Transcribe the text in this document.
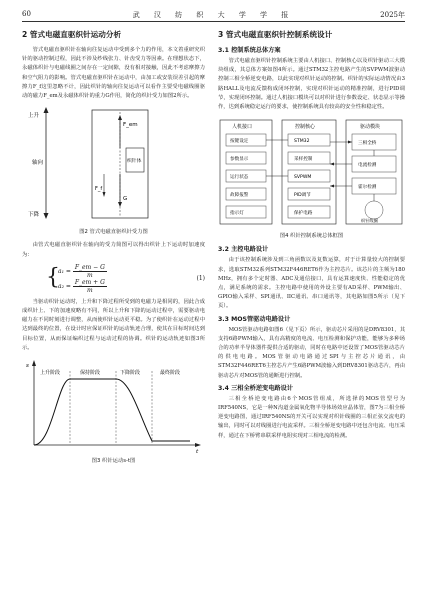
60	武 汉 纺 织 大 学 学 报	2025年
2 管式电磁直驱织针运动分析

管式电磁直驱织针在轴向往复运动中受到多个力的作用，本文着重研究织针的驱动控制过程，因此不涉及纱线张力、针齿受力等因素。在理想状态下，永磁体织针与电磁线圈之间存在一定间隙，没有相对接触，因此不考虑摩擦力和空气阻力的影响。管式电磁直驱织针在运动中，由加工或安装误差引起的摩擦力F_f这里忽略不计，因此织针的轴向往复运动可以看作主要受电磁线圈驱动的磁力F_em及永磁体织针的重力G作用，简化的织针受力如图2所示。

上升
轴向
下降
F_em
织针体
G
F_f
图2 管式电磁直驱织针受力图

由管式电磁直驱织针在轴向的受力简图可以得出织针上下运动时加速度为：

{
$a_1 = \frac{F\_em - G}{m}$
$a_2 = \frac{F\_em + G}{m}$
(1)

当驱动织针运动时，上升和下降过程所受到的电磁力是相同的，因此合成成织针上、下的加速度略有不同，所以上升和下降的运动过程中，需要驱动电磁力在不同时刻进行调整，从而使织针运动更平稳。为了使织针在运动过程中达到最终的位置，在设计时应保证织针的运动轨迹合理，使其在目标时间达到目标位置，从而保证编织过程与运动过程的协调。织针的运动轨迹如图3所示。

t
s
上升阶段	保持阶段	下降阶段	最终阶段
图3 织针运动s-t图
3 管式电磁直驱织针控制系统设计
3.1 控制系统总体方案

管式电磁直驱织针控制系统主要由人机接口、控制核心以及织针驱动三大模块组成，其总体方案如图4所示。通过STM32主控电路产生的SVPWM波驱动控制三相全桥逆变电路，以此实现对织针运动的控制。织针的实际运动情况由3路HALL及电流反馈构成闭环控制，实现对织针运动的精准控制，进行PID调节，实现闭环控制。通过人机接口模块可以对织针进行参数设定、状态显示等操作，达到系统稳定运行的要求，使控制系统具有较高的安全性和稳定性。

人机接口	控制核心	驱动模块
按键设定
参数显示
运行状态
故障报警
指示灯
STM32
采样控制
SVPWM
PID调节
保护电路
三相全桥
电流检测
霍尔检测
织针线圈
图4 织针控制系统总体框图
3.2 主控电路设计

由于该控制系统涉及到三角函数以及复数运算，对于计算量较大的控制要求，选取STM32系列STM32F446RET6作为主控芯片。该芯片的主频为180 MHz，拥有多个定时器、ADC及通信接口，具有运算速度快、性能稳定的优点，满足系统的需求。主控电路中使用的外设主要有AD采样、PWM输出、GPIO输入采样、SPI通讯、IIC通讯、串口通讯等，其电路如图5所示（见下页）。

3.3 MOS管驱动电路设计

MOS管驱动电路如图6（见下页）所示，驱动芯片采用的是DRV8301，其支持6路PWM输入，具有高精度的电流、电压检测和保护功能，能够为多种场合的功率半导体器件提供合适的驱动，同时在电路中还设置了MOS管驱动芯片的供电电路。MOS管驱动电路通过SPI与主控芯片通讯，由STM32F446RET6主控芯片产生6路PWM波输入到DRV8301驱动芯片，再由驱动芯片对MOS管的通断进行控制。

3.4 三相全桥逆变电路设计

三相全桥逆变电路由6个MOS管组成，所选择的MOS管型号为IRF540NS，它是一种N沟道金属氧化物半导体场效应晶体管，图7为三相全桥逆变电路图，通过IRF540NS的开关可以实现对织针线圈的三相正弦交流电的输出，同时可以对线圈进行电流采样。三相全桥逆变电路中还包含电流、电压采样，通过在下桥臂串联采样电阻实现对三相电流的检测。
